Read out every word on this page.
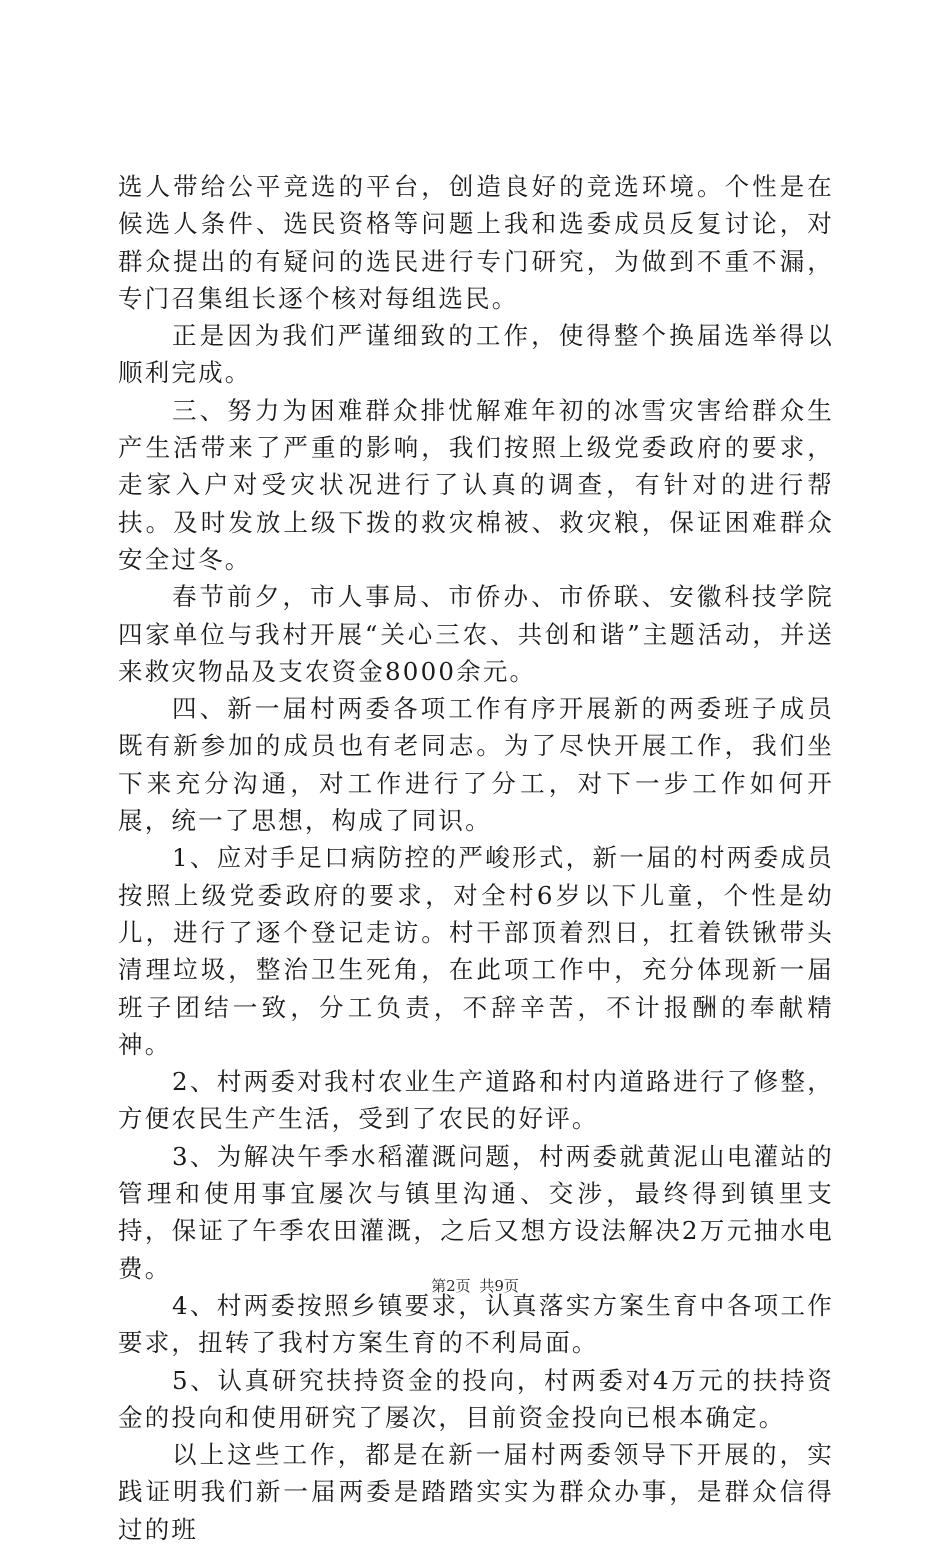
选人带给公平竞选的平台，创造良好的竞选环境。个性是在候选人条件、选民资格等问题上我和选委成员反复讨论，对群众提出的有疑问的选民进行专门研究，为做到不重不漏，专门召集组长逐个核对每组选民。

正是因为我们严谨细致的工作，使得整个换届选举得以顺利完成。

三、努力为困难群众排忧解难年初的冰雪灾害给群众生产生活带来了严重的影响，我们按照上级党委政府的要求，走家入户对受灾状况进行了认真的调查，有针对的进行帮扶。及时发放上级下拨的救灾棉被、救灾粮，保证困难群众安全过冬。

春节前夕，市人事局、市侨办、市侨联、安徽科技学院四家单位与我村开展“关心三农、共创和谐”主题活动，并送来救灾物品及支农资金8000余元。

四、新一届村两委各项工作有序开展新的两委班子成员既有新参加的成员也有老同志。为了尽快开展工作，我们坐下来充分沟通，对工作进行了分工，对下一步工作如何开展，统一了思想，构成了同识。

1、应对手足口病防控的严峻形式，新一届的村两委成员按照上级党委政府的要求，对全村6岁以下儿童，个性是幼儿，进行了逐个登记走访。村干部顶着烈日，扛着铁锹带头清理垃圾，整治卫生死角，在此项工作中，充分体现新一届班子团结一致，分工负责，不辞辛苦，不计报酬的奉献精神。

2、村两委对我村农业生产道路和村内道路进行了修整，方便农民生产生活，受到了农民的好评。

3、为解决午季水稻灌溉问题，村两委就黄泥山电灌站的管理和使用事宜屡次与镇里沟通、交涉，最终得到镇里支持，保证了午季农田灌溉，之后又想方设法解决2万元抽水电费。

4、村两委按照乡镇要求，认真落实方案生育中各项工作要求，扭转了我村方案生育的不利局面。

5、认真研究扶持资金的投向，村两委对4万元的扶持资金的投向和使用研究了屡次，目前资金投向已根本确定。

以上这些工作，都是在新一届村两委领导下开展的，实践证明我们新一届两委是踏踏实实为群众办事，是群众信得过的班

第2页 共9页
